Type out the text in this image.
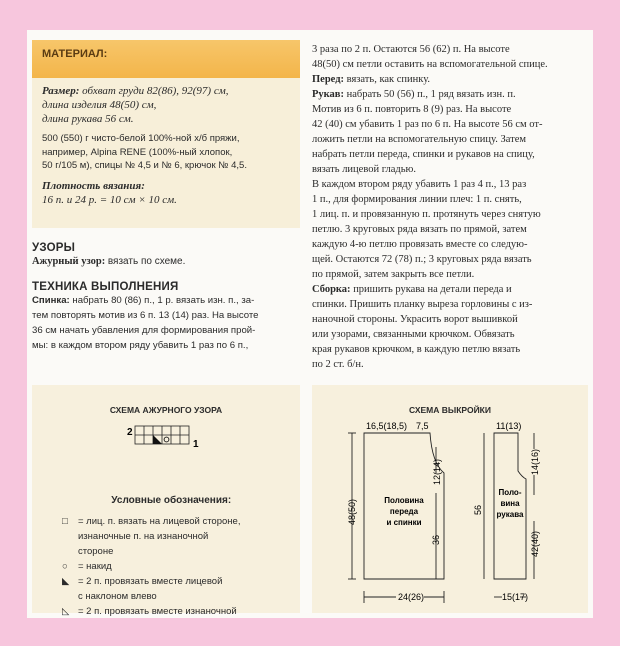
МАТЕРИАЛ:

Размер: обхват груди 82(86), 92(97) см,
длина изделия 48(50) см,
длина рукава 56 см.

500 (550) г чисто-белой 100%-ной х/б пряжи,
например, Alpina RENE (100%-ный хлопок,
50 г/105 м), спицы № 4,5 и № 6, крючок № 4,5.

Плотность вязания:
16 п. и 24 р. = 10 см × 10 см.

УЗОРЫ
Ажурный узор: вязать по схеме.
ТЕХНИКА ВЫПОЛНЕНИЯ
Спинка: набрать 80 (86) п., 1 р. вязать изн. п., за-
тем повторять мотив из 6 п. 13 (14) раз. На высоте
36 см начать убавления для формирования прой-
мы: в каждом втором ряду убавить 1 раз по 6 п.,
3 раза по 2 п. Остаются 56 (62) п. На высоте
48(50) см петли оставить на вспомогательной спице.
Перед: вязать, как спинку.
Рукав: набрать 50 (56) п., 1 ряд вязать изн. п.
Мотив из 6 п. повторить 8 (9) раз. На высоте
42 (40) см убавить 1 раз по 6 п. На высоте 56 см от-
ложить петли на вспомогательную спицу. Затем
набрать петли переда, спинки и рукавов на спицу,
вязать лицевой гладью.
В каждом втором ряду убавить 1 раз 4 п., 13 раз
1 п., для формирования линии плеч: 1 п. снять,
1 лиц. п. и провязанную п. протянуть через снятую
петлю. 3 круговых ряда вязать по прямой, затем
каждую 4-ю петлю провязать вместе со следую-
щей. Остаются 72 (78) п.; 3 круговых ряда вязать
по прямой, затем закрыть все петли.
Сборка: пришить рукава на детали переда и
спинки. Пришить планку выреза горловины с из-
наночной стороны. Украсить ворот вышивкой
или узорами, связанными крючком. Обвязать
края рукавов крючком, в каждую петлю вязать
по 2 ст. б/н.
СХЕМА АЖУРНОГО УЗОРА
2
1
Условные обозначения:
□ = лиц. п. вязать на лицевой стороне,
изнаночные п. на изнаночной
стороне
○ = накид
◣ = 2 п. провязать вместе лицевой
с наклоном влево
◺ = 2 п. провязать вместе изнаночной
СХЕМА ВЫКРОЙКИ
16,5(18,5) 7,5
12(14)
48(50)
36
24(26)
Половина
переда
и спинки
11(13)
14(16)
56
42(40)
15(17)
Поло-
вина
рукава
